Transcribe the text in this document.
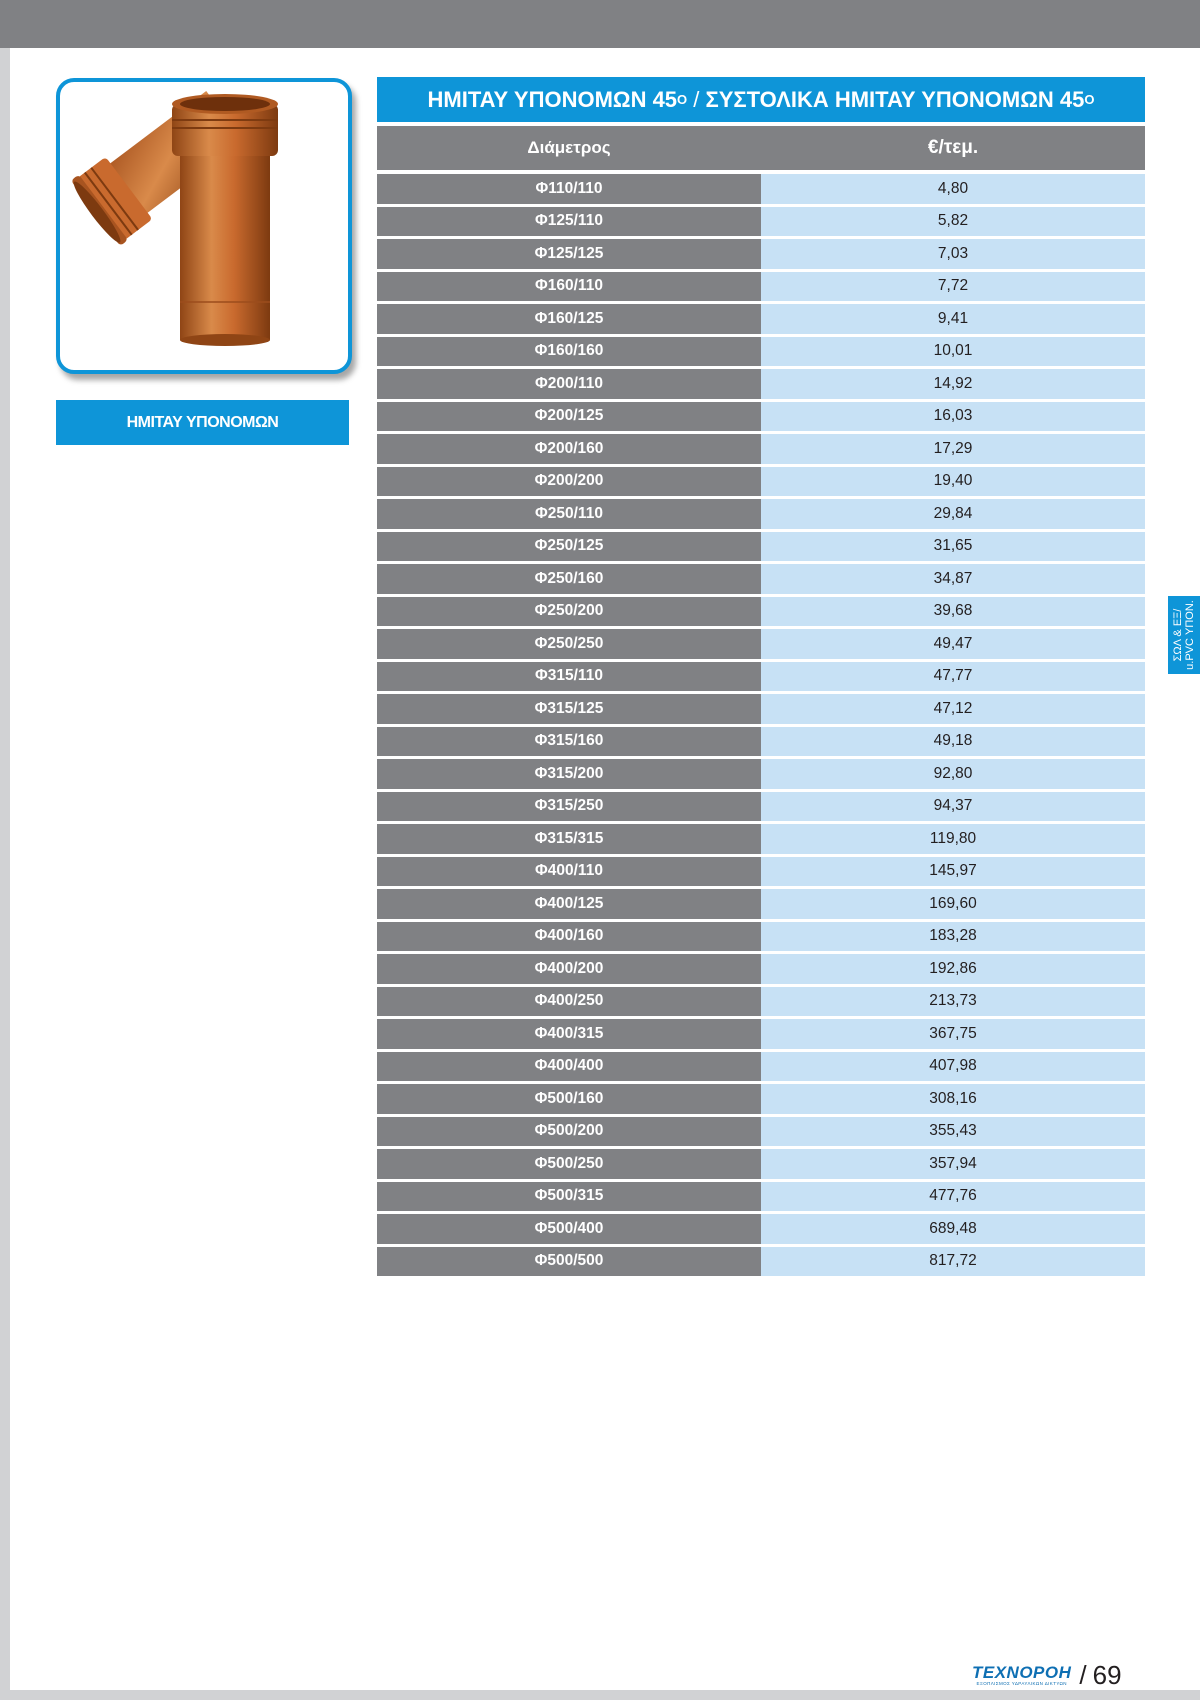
ΗΜΙΤΑΥ ΥΠΟΝΟΜΩΝ
ΗΜΙΤΑΥ ΥΠΟΝΟΜΩΝ 45 O / ΣΥΣΤΟΛΙΚΑ ΗΜΙΤΑΥ ΥΠΟΝΟΜΩΝ 45 O
Διάμετρος	€/τεμ.
Φ110/110	4,80
Φ125/110	5,82
Φ125/125	7,03
Φ160/110	7,72
Φ160/125	9,41
Φ160/160	10,01
Φ200/110	14,92
Φ200/125	16,03
Φ200/160	17,29
Φ200/200	19,40
Φ250/110	29,84
Φ250/125	31,65
Φ250/160	34,87
Φ250/200	39,68
Φ250/250	49,47
Φ315/110	47,77
Φ315/125	47,12
Φ315/160	49,18
Φ315/200	92,80
Φ315/250	94,37
Φ315/315	119,80
Φ400/110	145,97
Φ400/125	169,60
Φ400/160	183,28
Φ400/200	192,86
Φ400/250	213,73
Φ400/315	367,75
Φ400/400	407,98
Φ500/160	308,16
Φ500/200	355,43
Φ500/250	357,94
Φ500/315	477,76
Φ500/400	689,48
Φ500/500	817,72
ΣΩΛ & ΕΞ/ u.PVC ΥΠΟΝ.
ΤΕΧΝΟΡΟΗ
ΕΞΟΠΛΙΣΜΟΣ ΥΔΡΑΥΛΙΚΩΝ ΔΙΚΤΥΩΝ / 69
